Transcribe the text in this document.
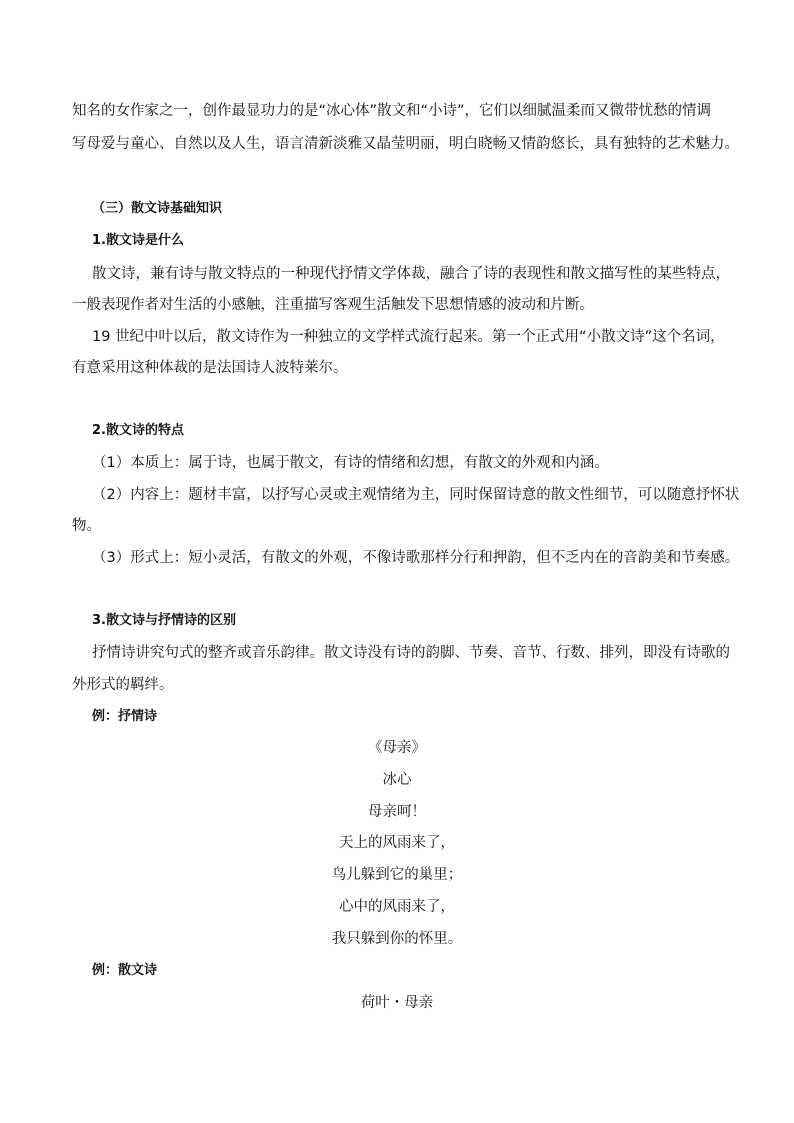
知名的女作家之一，创作最显功力的是“冰心体”散文和“小诗”，它们以细腻温柔而又微带忧愁的情调
写母爱与童心、自然以及人生，语言清新淡雅又晶莹明丽，明白晓畅又情韵悠长，具有独特的艺术魅力。
（三）散文诗基础知识
1.散文诗是什么
散文诗，兼有诗与散文特点的一种现代抒情文学体裁，融合了诗的表现性和散文描写性的某些特点，
一般表现作者对生活的小感触，注重描写客观生活触发下思想情感的波动和片断。
19 世纪中叶以后，散文诗作为一种独立的文学样式流行起来。第一个正式用“小散文诗”这个名词，
有意采用这种体裁的是法国诗人波特莱尔。
2.散文诗的特点
（1）本质上：属于诗，也属于散文，有诗的情绪和幻想，有散文的外观和内涵。
（2）内容上：题材丰富，以抒写心灵或主观情绪为主，同时保留诗意的散文性细节，可以随意抒怀状
物。
（3）形式上：短小灵活，有散文的外观，不像诗歌那样分行和押韵，但不乏内在的音韵美和节奏感。
3.散文诗与抒情诗的区别
抒情诗讲究句式的整齐或音乐韵律。散文诗没有诗的韵脚、节奏、音节、行数、排列，即没有诗歌的
外形式的羁绊。
例：抒情诗
《母亲》
冰心
母亲呵！
天上的风雨来了，
鸟儿躲到它的巢里；
心中的风雨来了，
我只躲到你的怀里。
例：散文诗
荷叶・母亲
